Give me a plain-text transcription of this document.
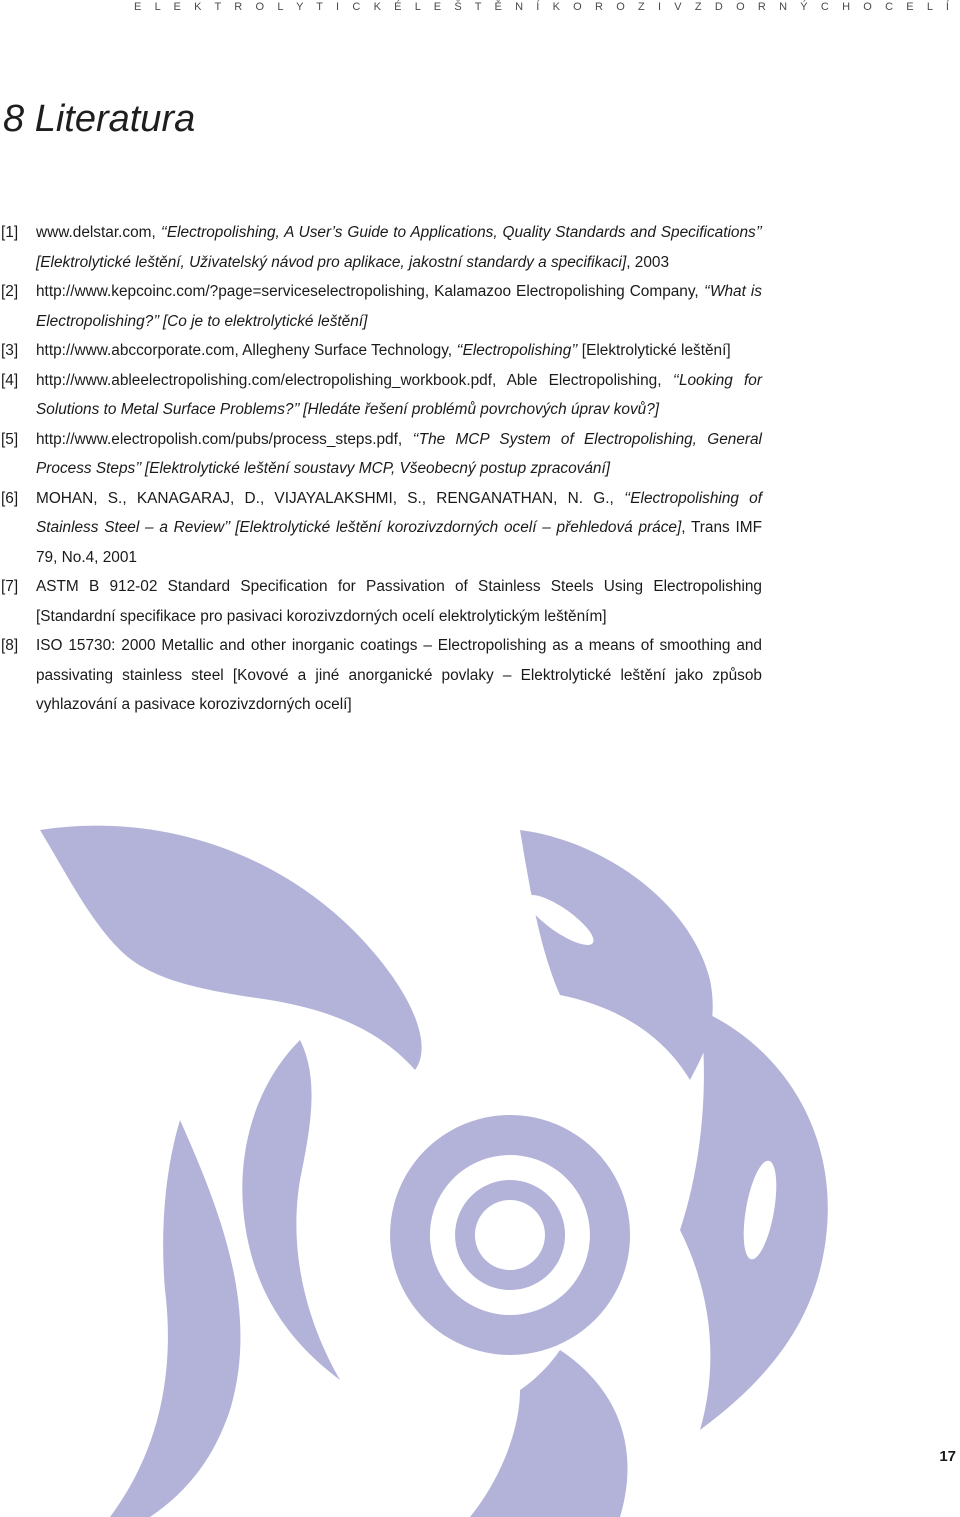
E L E K T R O L Y T I C K É L E Š T Ě N Í K O R O Z I V Z D O R N Ý C H O C E L Í
8 Literatura
[1]	www.delstar.com, ‘‘Electropolishing, A User’s Guide to Applications, Quality Standards and Specifications’’ [Elektrolytické leštění, Uživatelský návod pro aplikace, jakostní standardy a specifikaci], 2003
[2]	http://www.kepcoinc.com/?page=serviceselectropolishing, Kalamazoo Electropolishing Company, ‘‘What is Electropolishing?’’ [Co je to elektrolytické leštění]
[3]	http://www.abccorporate.com, Allegheny Surface Technology, ‘‘Electropolishing’’ [Elektrolytické leštění]
[4]	http://www.ableelectropolishing.com/electropolishing_workbook.pdf, Able Electropolishing, ‘‘Looking for Solutions to Metal Surface Problems?’’ [Hledáte řešení problémů povrchových úprav kovů?]
[5]	http://www.electropolish.com/pubs/process_steps.pdf, ‘‘The MCP System of Electropolishing, General Process Steps’’ [Elektrolytické leštění soustavy MCP, Všeobecný postup zpracování]
[6]	MOHAN, S., KANAGARAJ, D., VIJAYALAKSHMI, S., RENGANATHAN, N. G., ‘‘Electropolishing of Stainless Steel – a Review’’ [Elektrolytické leštění korozivzdorných ocelí – přehledová práce], Trans IMF 79, No.4, 2001
[7]	ASTM B 912-02 Standard Specification for Passivation of Stainless Steels Using Electropolishing [Standardní specifikace pro pasivaci korozivzdorných ocelí elektrolytickým leštěním]
[8]	ISO 15730: 2000 Metallic and other inorganic coatings – Electropolishing as a means of smoothing and passivating stainless steel [Kovové a jiné anorganické povlaky – Elektrolytické leštění jako způsob vyhlazování a pasivace korozivzdorných ocelí]
17
